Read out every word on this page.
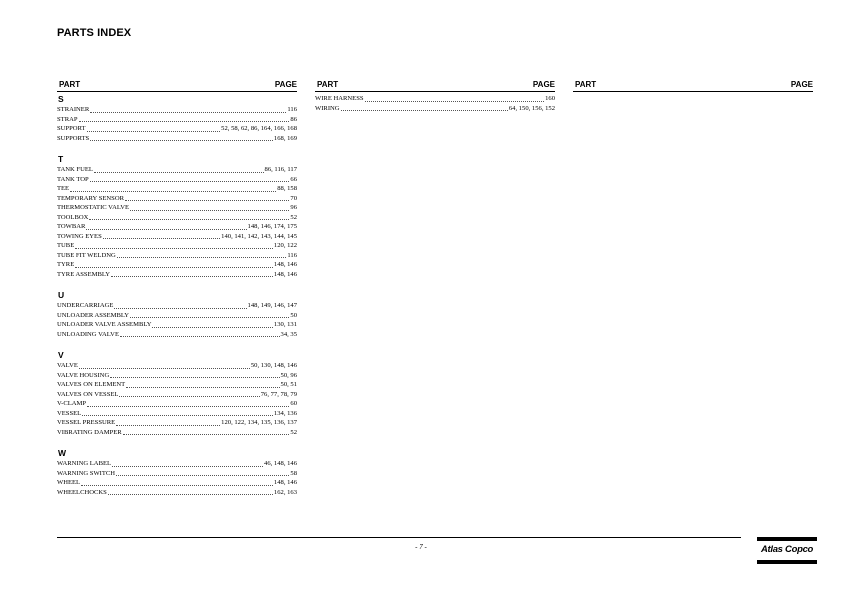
PARTS INDEX
PART	PAGE
S
STRAINER	116
STRAP	86
SUPPORT	52, 58, 62, 86, 164, 166, 168
SUPPORTS	168, 169
T
TANK FUEL	86, 116, 117
TANK TOP	66
TEE	88, 158
TEMPORARY SENSOR	70
THERMOSTATIC VALVE	96
TOOLBOX	52
TOWBAR	148, 146, 174, 175
TOWING EYES	140, 141, 142, 143, 144, 145
TUBE	120, 122
TUBE FIT WELDNG	116
TYRE	148, 146
TYRE ASSEMBLY	148, 146
U
UNDERCARRIAGE	148, 149, 146, 147
UNLOADER ASSEMBLY	50
UNLOADER VALVE ASSEMBLY	130, 131
UNLOADING VALVE	34, 35
V
VALVE	50, 130, 148, 146
VALVE HOUSING	50, 96
VALVES ON ELEMENT	50, 51
VALVES ON VESSEL	76, 77, 78, 79
V-CLAMP	60
VESSEL	134, 136
VESSEL PRESSURE	120, 122, 134, 135, 136, 137
VIBRATING DAMPER	52
W
WARNING LABEL	46, 148, 146
WARNING SWITCH	58
WHEEL	148, 146
WHEELCHOCKS	162, 163
PART	PAGE
WIRE HARNESS	160
WIRING	64, 150, 156, 152
PART	PAGE
- 7 -	Atlas Copco
